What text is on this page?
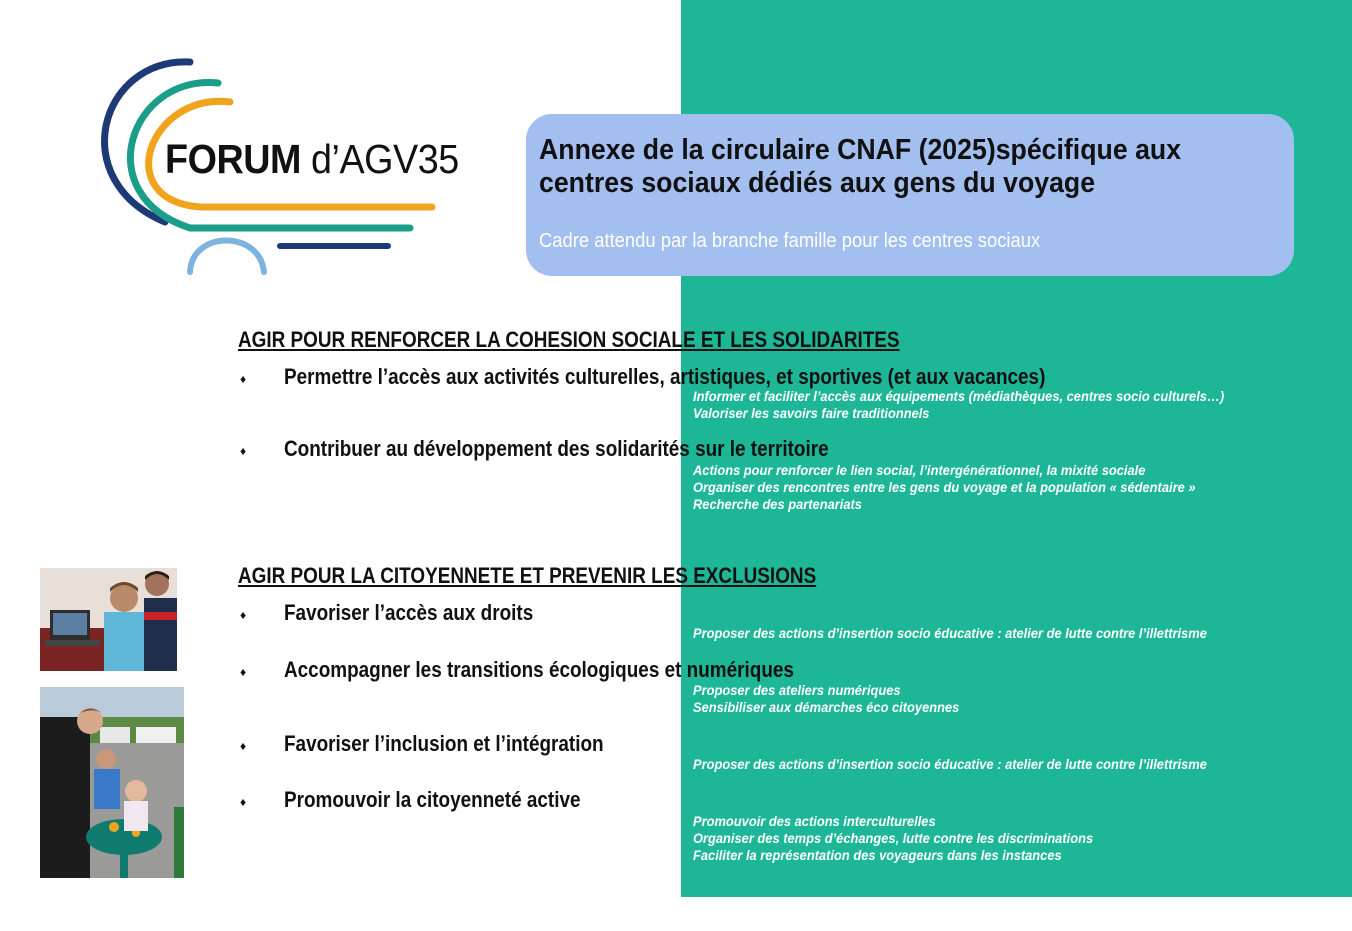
FORUM d’AGV35	Annexe de la circulaire CNAF (2025)spécifique aux
centres sociaux dédiés aux gens du voyage
Cadre attendu par la branche famille pour les centres sociaux
AGIR POUR RENFORCER LA COHESION SOCIALE ET LES SOLIDARITES
♦ Permettre l’accès aux activités culturelles, artistiques, et sportives (et aux vacances)
Informer et faciliter l’accès aux équipements (médiathèques, centres socio culturels…)
Valoriser les savoirs faire traditionnels
♦ Contribuer au développement des solidarités sur le territoire
Actions pour renforcer le lien social, l’intergénérationnel, la mixité sociale
Organiser des rencontres entre les gens du voyage et la population « sédentaire »
Recherche des partenariats
AGIR POUR LA CITOYENNETE ET PREVENIR LES EXCLUSIONS
♦ Favoriser l’accès aux droits
Proposer des actions d’insertion socio éducative : atelier de lutte contre l’illettrisme
♦ Accompagner les transitions écologiques et numériques
Proposer des ateliers numériques
Sensibiliser aux démarches éco citoyennes
♦ Favoriser l’inclusion et l’intégration
Proposer des actions d’insertion socio éducative : atelier de lutte contre l’illettrisme
♦ Promouvoir la citoyenneté active
Promouvoir des actions interculturelles
Organiser des temps d’échanges, lutte contre les discriminations
Faciliter la représentation des voyageurs dans les instances
